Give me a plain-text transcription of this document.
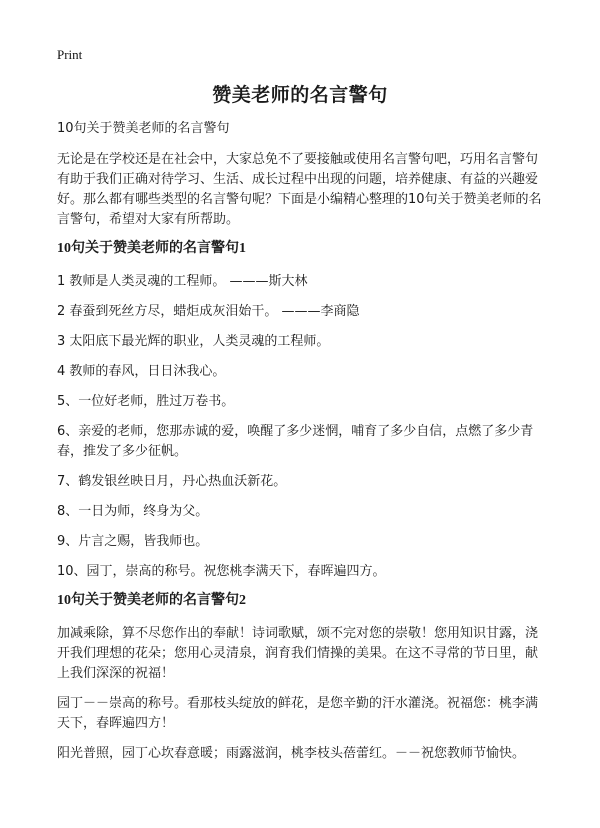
Print
赞美老师的名言警句

10句关于赞美老师的名言警句

无论是在学校还是在社会中，大家总免不了要接触或使用名言警句吧，巧用名言警句有助于我们正确对待学习、生活、成长过程中出现的问题，培养健康、有益的兴趣爱好。那么都有哪些类型的名言警句呢？下面是小编精心整理的10句关于赞美老师的名言警句，希望对大家有所帮助。

10句关于赞美老师的名言警句1

1 教师是人类灵魂的工程师。 ———斯大林

2 春蚕到死丝方尽，蜡炬成灰泪始干。 ———李商隐

3 太阳底下最光辉的职业，人类灵魂的工程师。

4 教师的春风，日日沐我心。

5、一位好老师，胜过万卷书。

6、亲爱的老师，您那赤诚的爱，唤醒了多少迷惘，哺育了多少自信，点燃了多少青春，推发了多少征帆。

7、鹤发银丝映日月，丹心热血沃新花。

8、一日为师，终身为父。

9、片言之赐，皆我师也。

10、园丁，崇高的称号。祝您桃李满天下，春晖遍四方。

10句关于赞美老师的名言警句2

加减乘除，算不尽您作出的奉献！诗词歌赋，颂不完对您的崇敬！您用知识甘露，浇开我们理想的花朵；您用心灵清泉，润育我们情操的美果。在这不寻常的节日里，献上我们深深的祝福！

园丁－－崇高的称号。看那枝头绽放的鲜花，是您辛勤的汗水灌浇。祝福您：桃李满天下，春晖遍四方！

阳光普照，园丁心坎春意暖；雨露滋润，桃李枝头蓓蕾红。－－祝您教师节愉快。
